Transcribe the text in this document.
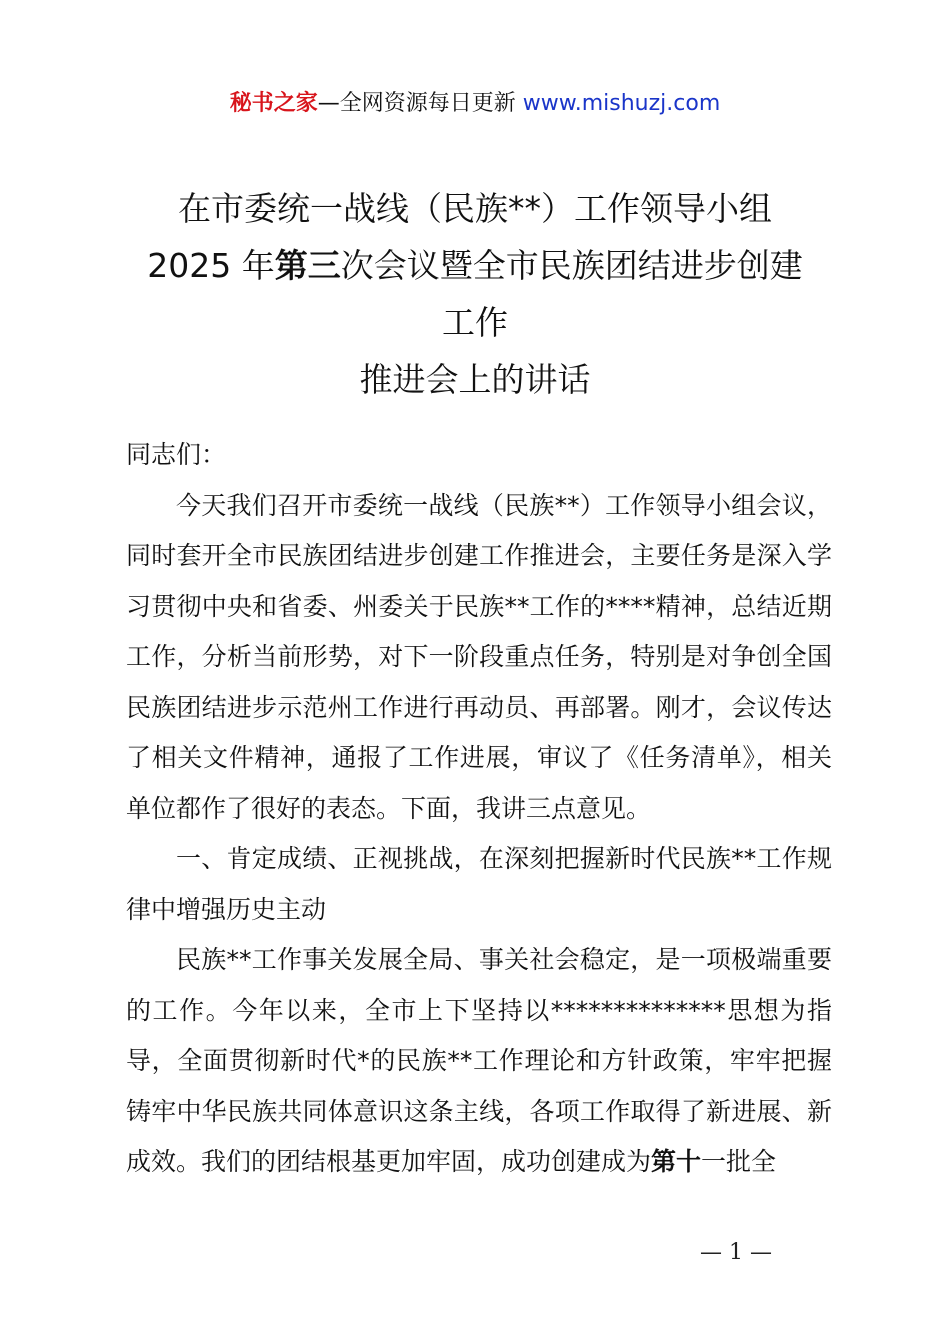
秘书之家—全网资源每日更新 www.mishuzj.com
在市委统一战线（民族**）工作领导小组
2025 年第三次会议暨全市民族团结进步创建
工作
推进会上的讲话

同志们：

今天我们召开市委统一战线（民族**）工作领导小组会议，同时套开全市民族团结进步创建工作推进会，主要任务是深入学习贯彻中央和省委、州委关于民族**工作的****精神，总结近期工作，分析当前形势，对下一阶段重点任务，特别是对争创全国民族团结进步示范州工作进行再动员、再部署。刚才，会议传达了相关文件精神，通报了工作进展，审议了《任务清单》，相关单位都作了很好的表态。下面，我讲三点意见。

一、肯定成绩、正视挑战，在深刻把握新时代民族**工作规律中增强历史主动

民族**工作事关发展全局、事关社会稳定，是一项极端重要的工作。今年以来，全市上下坚持以**************思想为指导，全面贯彻新时代*的民族**工作理论和方针政策，牢牢把握铸牢中华民族共同体意识这条主线，各项工作取得了新进展、新成效。我们的团结根基更加牢固，成功创建成为第十一批全

— 1 —
